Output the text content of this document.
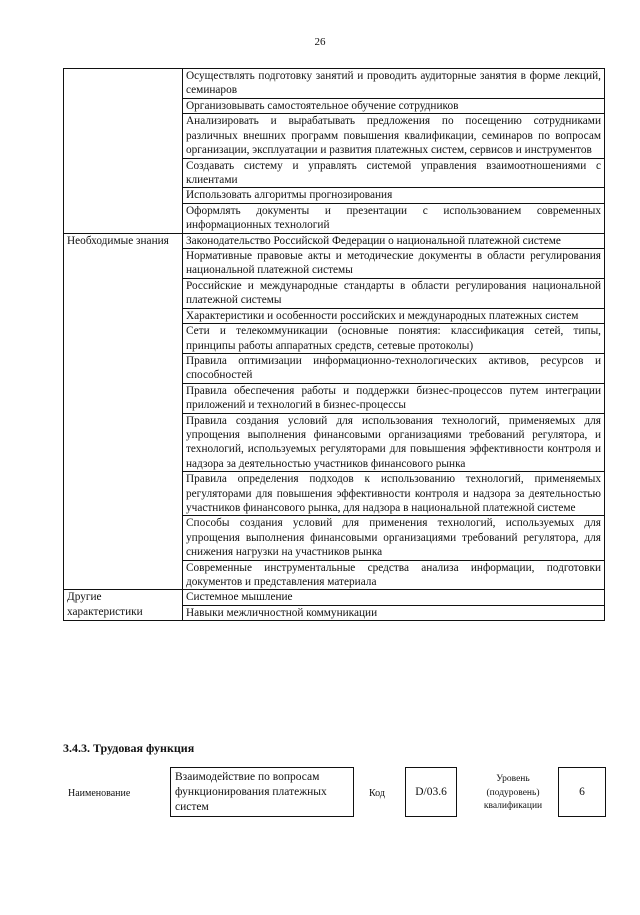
26
	Осуществлять подготовку занятий и проводить аудиторные занятия в форме лекций, семинаров
	Организовывать самостоятельное обучение сотрудников
	Анализировать и вырабатывать предложения по посещению сотрудниками различных внешних программ повышения квалификации, семинаров по вопросам организации, эксплуатации и развития платежных систем, сервисов и инструментов
	Создавать систему и управлять системой управления взаимоотношениями с клиентами
	Использовать алгоритмы прогнозирования
	Оформлять документы и презентации с использованием современных информационных технологий
Необходимые знания	Законодательство Российской Федерации о национальной платежной системе
	Нормативные правовые акты и методические документы в области регулирования национальной платежной системы
	Российские и международные стандарты в области регулирования национальной платежной системы
	Характеристики и особенности российских и международных платежных систем
	Сети и телекоммуникации (основные понятия: классификация сетей, типы, принципы работы аппаратных средств, сетевые протоколы)
	Правила оптимизации информационно-технологических активов, ресурсов и способностей
	Правила обеспечения работы и поддержки бизнес-процессов путем интеграции приложений и технологий в бизнес-процессы
	Правила создания условий для использования технологий, применяемых для упрощения выполнения финансовыми организациями требований регулятора, и технологий, используемых регуляторами для повышения эффективности контроля и надзора за деятельностью участников финансового рынка
	Правила определения подходов к использованию технологий, применяемых регуляторами для повышения эффективности контроля и надзора за деятельностью участников финансового рынка, для надзора в национальной платежной системе
	Способы создания условий для применения технологий, используемых для упрощения выполнения финансовыми организациями требований регулятора, для снижения нагрузки на участников рынка
	Современные инструментальные средства анализа информации, подготовки документов и представления материала
Другие характеристики	Системное мышление
	Навыки межличностной коммуникации
3.4.3. Трудовая функция
Наименование
Взаимодействие по вопросам функционирования платежных систем
Код	D/03.6
Уровень
(подуровень)
квалификации
6
